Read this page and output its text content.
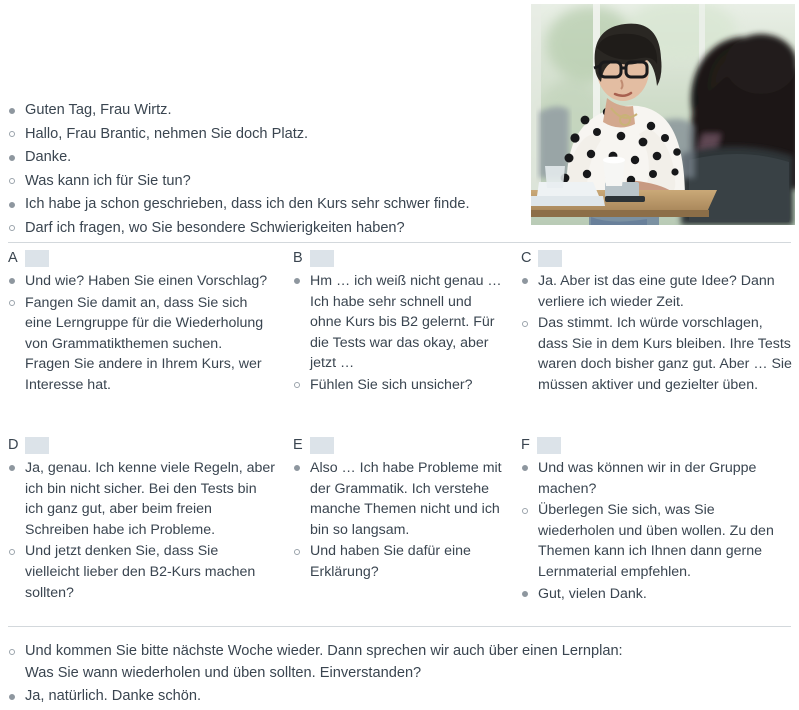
Guten Tag, Frau Wirtz.
Hallo, Frau Brantic, nehmen Sie doch Platz.
Danke.
Was kann ich für Sie tun?
Ich habe ja schon geschrieben, dass ich den Kurs sehr schwer finde.
Darf ich fragen, wo Sie besondere Schwierigkeiten haben?
A
Und wie? Haben Sie einen Vorschlag?
Fangen Sie damit an, dass Sie sich eine Lerngruppe für die Wiederholung von Grammatikthemen suchen. Fragen Sie andere in Ihrem Kurs, wer Interesse hat.
B
Hm … ich weiß nicht genau … Ich habe sehr schnell und ohne Kurs bis B2 gelernt. Für die Tests war das okay, aber jetzt …
Fühlen Sie sich unsicher?
C
Ja. Aber ist das eine gute Idee? Dann verliere ich wieder Zeit.
Das stimmt. Ich würde vorschlagen, dass Sie in dem Kurs bleiben. Ihre Tests waren doch bisher ganz gut. Aber … Sie müssen aktiver und gezielter üben.
D
Ja, genau. Ich kenne viele Regeln, aber ich bin nicht sicher. Bei den Tests bin ich ganz gut, aber beim freien Schreiben habe ich Probleme.
Und jetzt denken Sie, dass Sie vielleicht lieber den B2-Kurs machen sollten?
E
Also … Ich habe Probleme mit der Grammatik. Ich verstehe manche Themen nicht und ich bin so langsam.
Und haben Sie dafür eine Erklärung?
F
Und was können wir in der Gruppe machen?
Überlegen Sie sich, was Sie wiederholen und üben wollen. Zu den Themen kann ich Ihnen dann gerne Lernmaterial empfehlen.
Gut, vielen Dank.
Und kommen Sie bitte nächste Woche wieder. Dann sprechen wir auch über einen Lernplan: Was Sie wann wiederholen und üben sollten. Einverstanden?
Ja, natürlich. Danke schön.
